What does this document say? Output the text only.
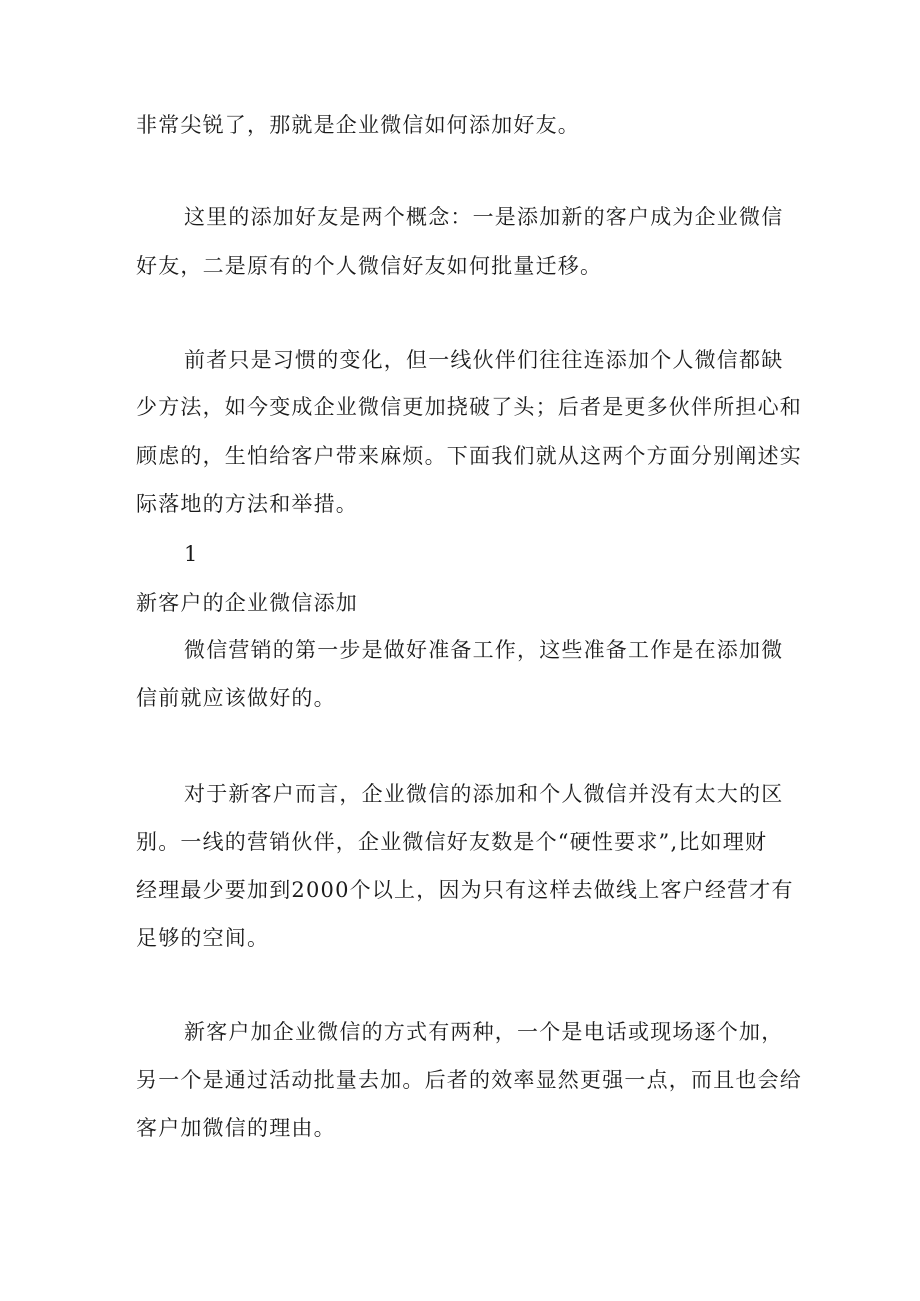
非常尖锐了，那就是企业微信如何添加好友。
这里的添加好友是两个概念：一是添加新的客户成为企业微信
好友，二是原有的个人微信好友如何批量迁移。
前者只是习惯的变化，但一线伙伴们往往连添加个人微信都缺
少方法，如今变成企业微信更加挠破了头；后者是更多伙伴所担心和
顾虑的，生怕给客户带来麻烦。下面我们就从这两个方面分别阐述实
际落地的方法和举措。
1
新客户的企业微信添加
微信营销的第一步是做好准备工作，这些准备工作是在添加微
信前就应该做好的。
对于新客户而言，企业微信的添加和个人微信并没有太大的区
别。一线的营销伙伴，企业微信好友数是个“硬性要求”,比如理财
经理最少要加到2000个以上，因为只有这样去做线上客户经营才有
足够的空间。
新客户加企业微信的方式有两种，一个是电话或现场逐个加，
另一个是通过活动批量去加。后者的效率显然更强一点，而且也会给
客户加微信的理由。
